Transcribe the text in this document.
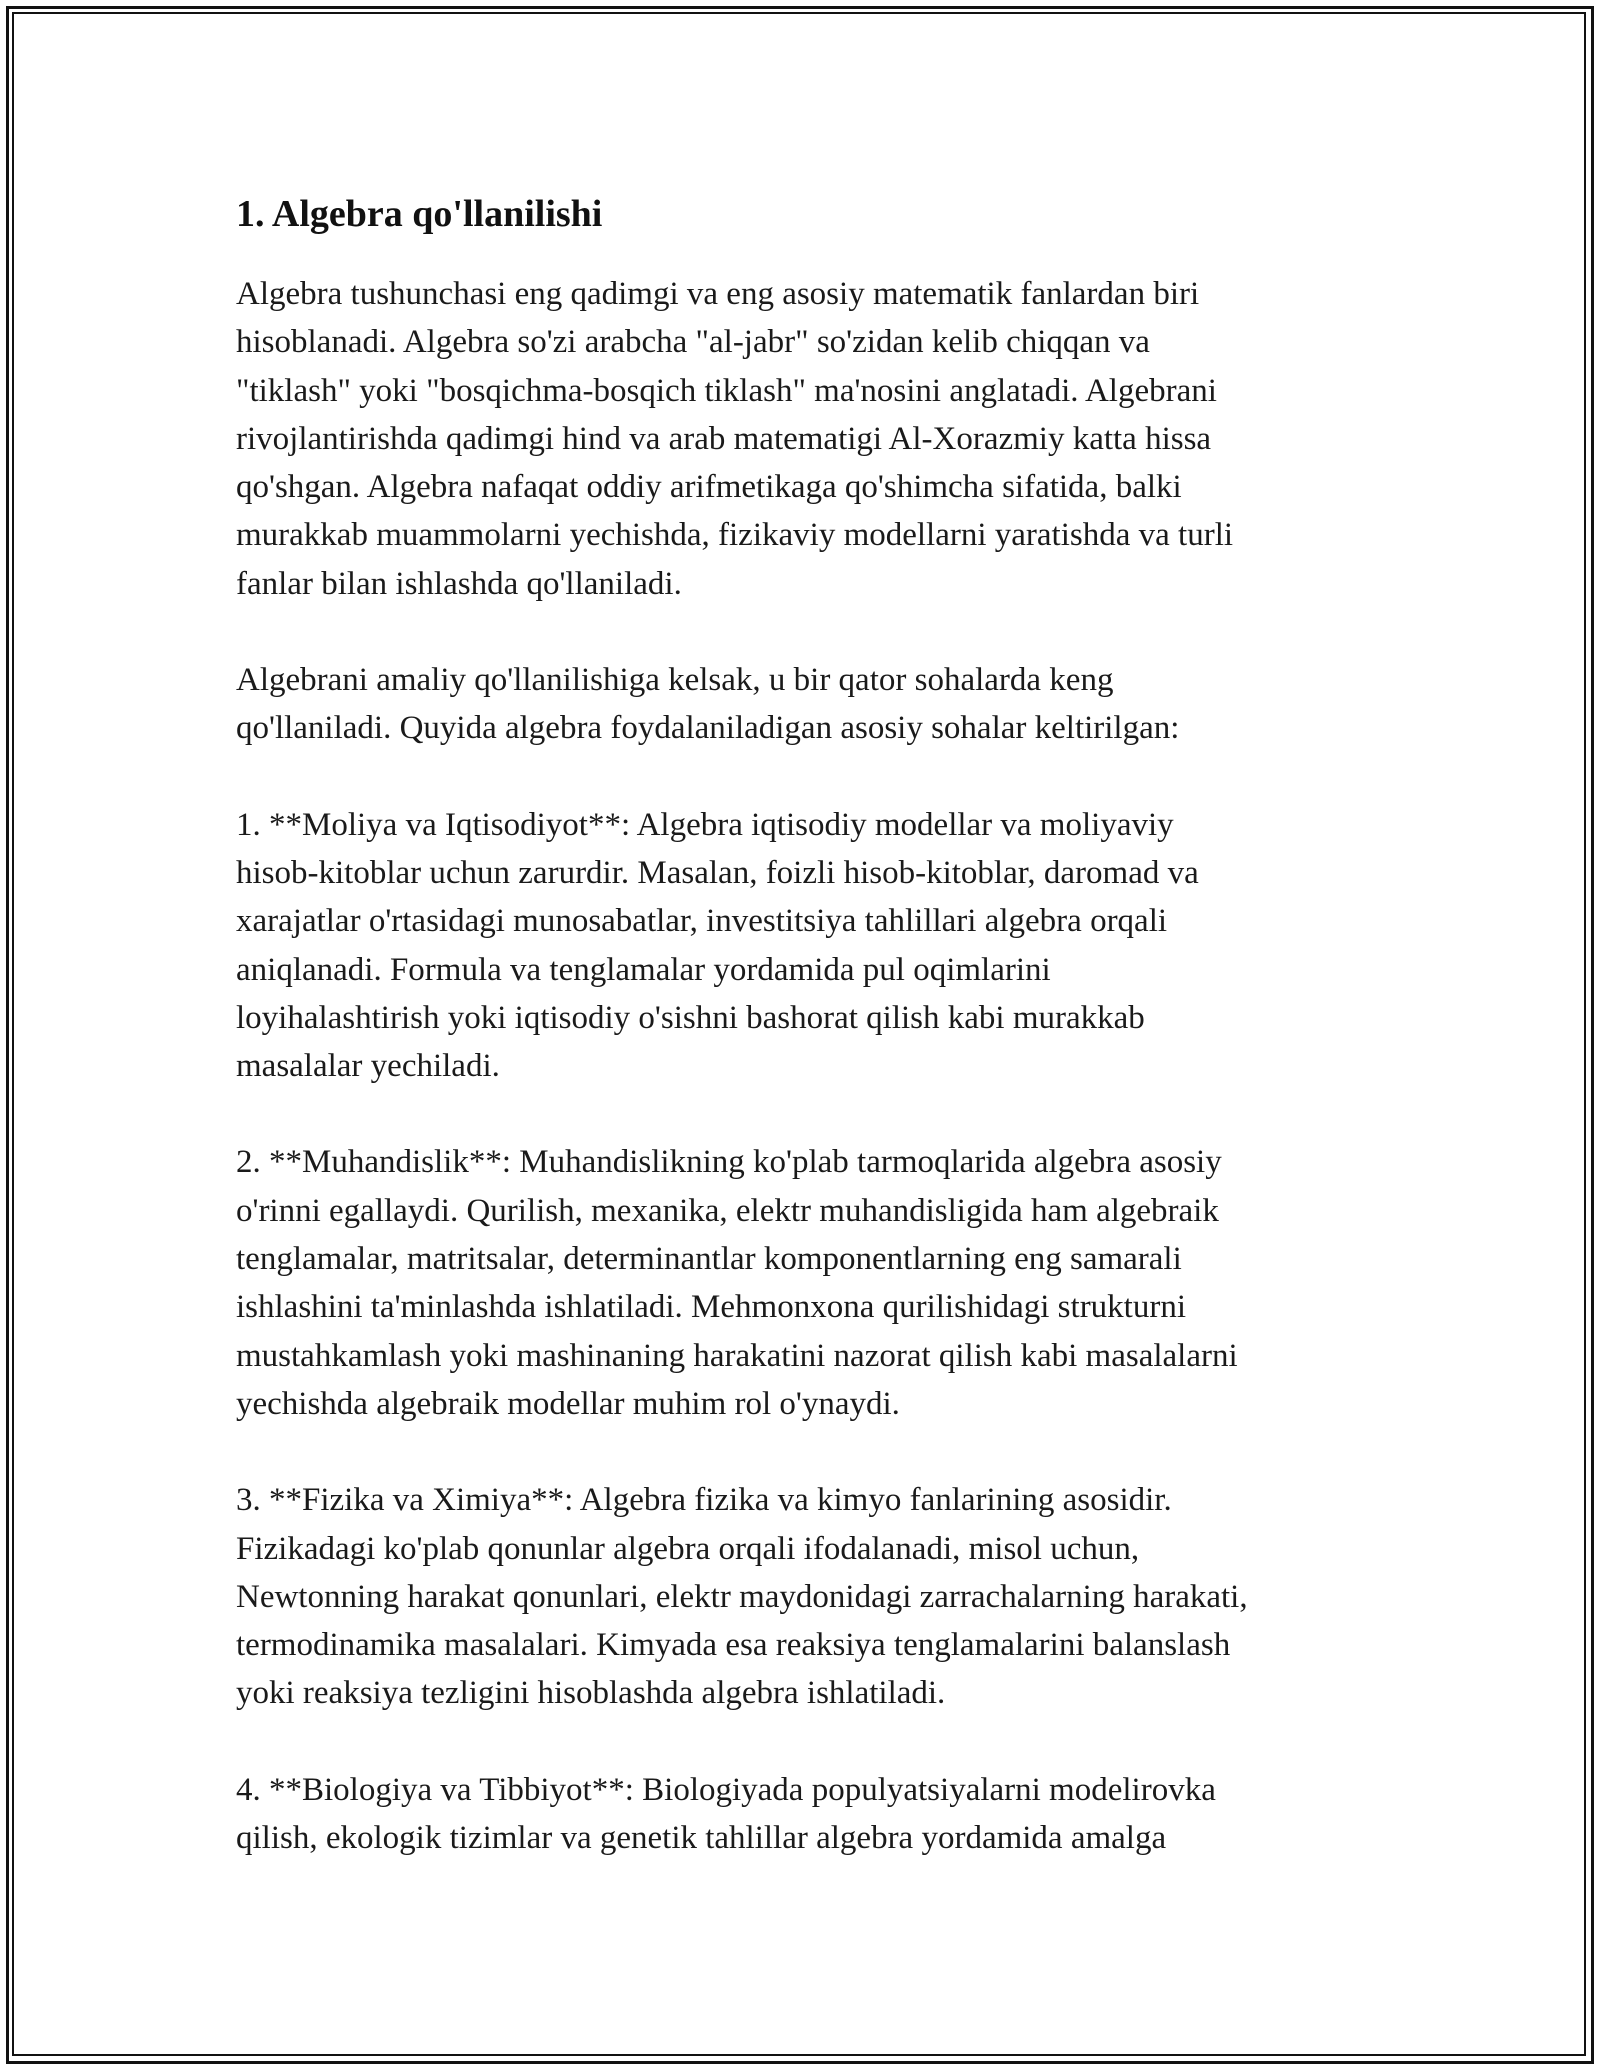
1. Algebra qo'llanilishi

Algebra tushunchasi eng qadimgi va eng asosiy matematik fanlardan biri
hisoblanadi. Algebra so'zi arabcha "al-jabr" so'zidan kelib chiqqan va
"tiklash" yoki "bosqichma-bosqich tiklash" ma'nosini anglatadi. Algebrani
rivojlantirishda qadimgi hind va arab matematigi Al-Xorazmiy katta hissa
qo'shgan. Algebra nafaqat oddiy arifmetikaga qo'shimcha sifatida, balki
murakkab muammolarni yechishda, fizikaviy modellarni yaratishda va turli
fanlar bilan ishlashda qo'llaniladi.

Algebrani amaliy qo'llanilishiga kelsak, u bir qator sohalarda keng
qo'llaniladi. Quyida algebra foydalaniladigan asosiy sohalar keltirilgan:

1. **Moliya va Iqtisodiyot**: Algebra iqtisodiy modellar va moliyaviy
hisob-kitoblar uchun zarurdir. Masalan, foizli hisob-kitoblar, daromad va
xarajatlar o'rtasidagi munosabatlar, investitsiya tahlillari algebra orqali
aniqlanadi. Formula va tenglamalar yordamida pul oqimlarini
loyihalashtirish yoki iqtisodiy o'sishni bashorat qilish kabi murakkab
masalalar yechiladi.

2. **Muhandislik**: Muhandislikning ko'plab tarmoqlarida algebra asosiy
o'rinni egallaydi. Qurilish, mexanika, elektr muhandisligida ham algebraik
tenglamalar, matritsalar, determinantlar komponentlarning eng samarali
ishlashini ta'minlashda ishlatiladi. Mehmonxona qurilishidagi strukturni
mustahkamlash yoki mashinaning harakatini nazorat qilish kabi masalalarni
yechishda algebraik modellar muhim rol o'ynaydi.

3. **Fizika va Ximiya**: Algebra fizika va kimyo fanlarining asosidir.
Fizikadagi ko'plab qonunlar algebra orqali ifodalanadi, misol uchun,
Newtonning harakat qonunlari, elektr maydonidagi zarrachalarning harakati,
termodinamika masalalari. Kimyada esa reaksiya tenglamalarini balanslash
yoki reaksiya tezligini hisoblashda algebra ishlatiladi.

4. **Biologiya va Tibbiyot**: Biologiyada populyatsiyalarni modelirovka
qilish, ekologik tizimlar va genetik tahlillar algebra yordamida amalga
